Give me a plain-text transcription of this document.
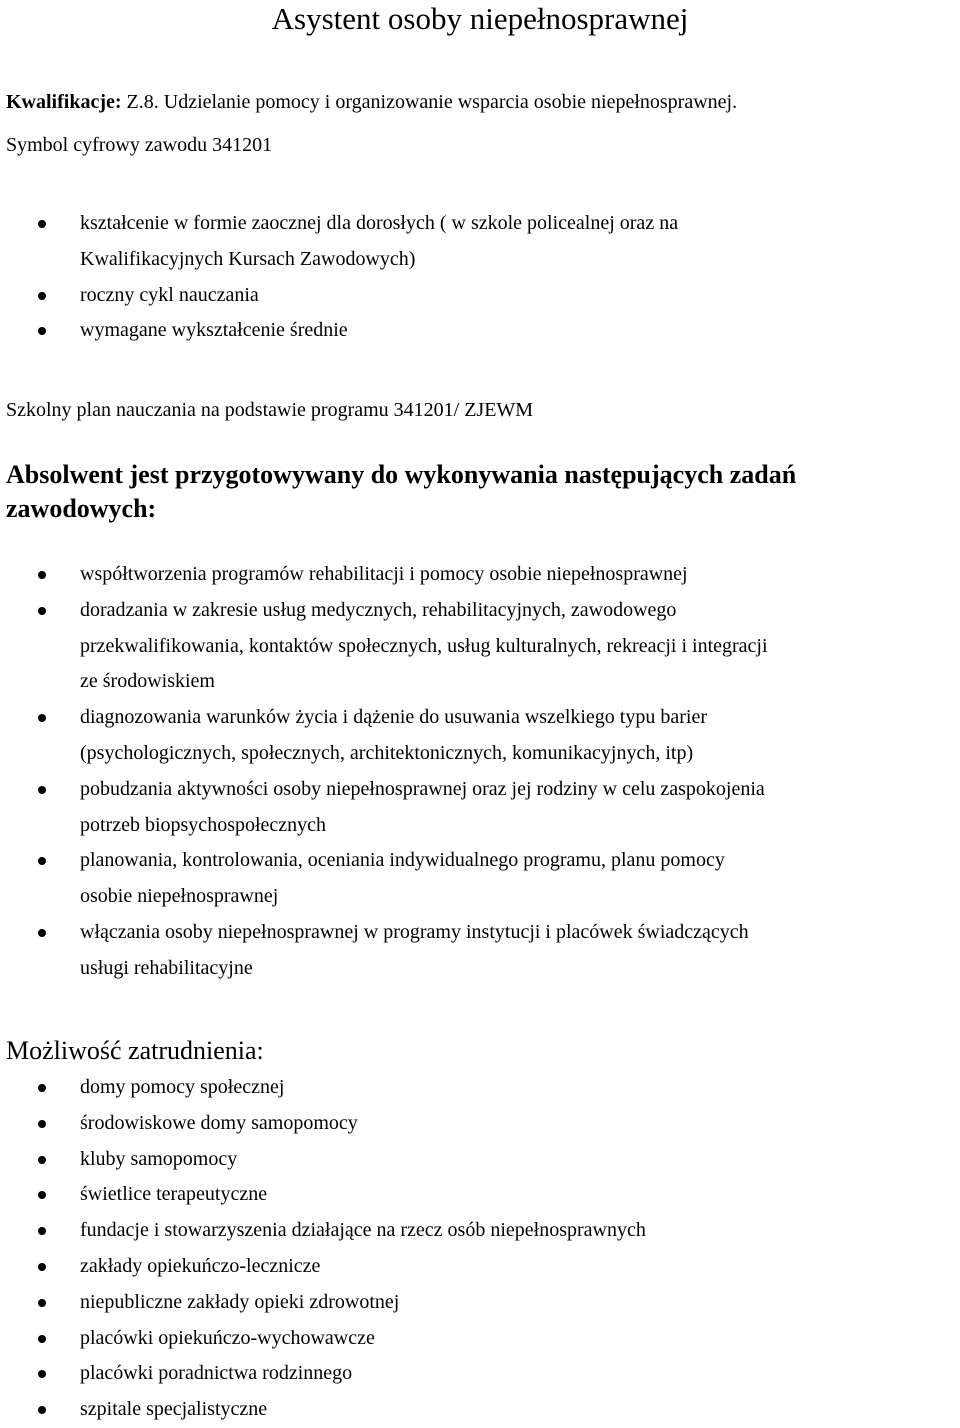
Asystent osoby niepełnosprawnej
Kwalifikacje: Z.8. Udzielanie pomocy i organizowanie wsparcia osobie niepełnosprawnej.
Symbol cyfrowy zawodu 341201
kształcenie w formie zaocznej dla dorosłych ( w szkole policealnej oraz na
Kwalifikacyjnych Kursach Zawodowych)
roczny cykl nauczania
wymagane wykształcenie średnie
Szkolny plan nauczania na podstawie programu 341201/ ZJEWM
Absolwent jest przygotowywany do wykonywania następujących zadań
zawodowych:
współtworzenia programów rehabilitacji i pomocy osobie niepełnosprawnej
doradzania w zakresie usług medycznych, rehabilitacyjnych, zawodowego
przekwalifikowania, kontaktów społecznych, usług kulturalnych, rekreacji i integracji
ze środowiskiem
diagnozowania warunków życia i dążenie do usuwania wszelkiego typu barier
(psychologicznych, społecznych, architektonicznych, komunikacyjnych, itp)
pobudzania aktywności osoby niepełnosprawnej oraz jej rodziny w celu zaspokojenia
potrzeb biopsychospołecznych
planowania, kontrolowania, oceniania indywidualnego programu, planu pomocy
osobie niepełnosprawnej
włączania osoby niepełnosprawnej w programy instytucji i placówek świadczących
usługi rehabilitacyjne
Możliwość zatrudnienia:
domy pomocy społecznej
środowiskowe domy samopomocy
kluby samopomocy
świetlice terapeutyczne
fundacje i stowarzyszenia działające na rzecz osób niepełnosprawnych
zakłady opiekuńczo-lecznicze
niepubliczne zakłady opieki zdrowotnej
placówki opiekuńczo-wychowawcze
placówki poradnictwa rodzinnego
szpitale specjalistyczne
